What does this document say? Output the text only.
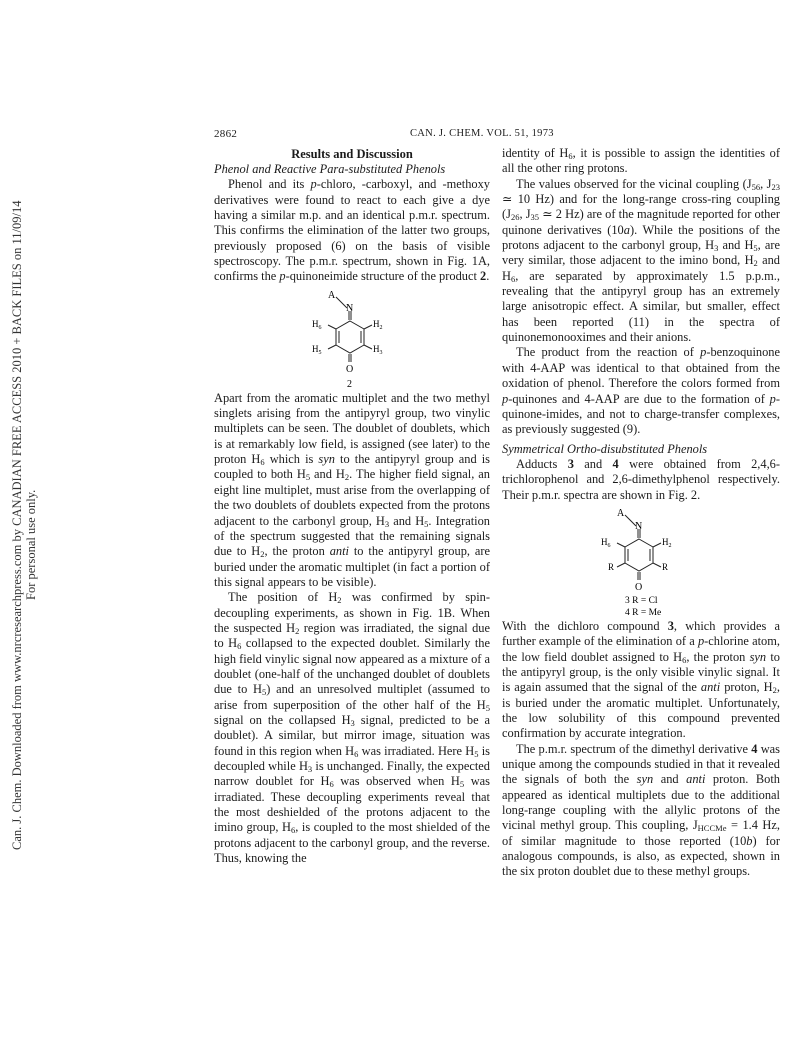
Can. J. Chem. Downloaded from www.nrcresearchpress.com by CANADIAN FREE ACCESS 2010 + BACK FILES on 11/09/14 For personal use only.
2862	CAN. J. CHEM. VOL. 51, 1973
Results and Discussion
Phenol and Reactive Para-substituted Phenols

Phenol and its p-chloro, -carboxyl, and -methoxy derivatives were found to react to each give a dye having a similar m.p. and an identical p.m.r. spectrum. This confirms the elimination of the latter two groups, previously proposed (6) on the basis of visible spectroscopy. The p.m.r. spectrum, shown in Fig. 1A, confirms the p-quinoneimide structure of the product 2.

A
N
$H_6$	$H_2$
$H_5$	$H_3$
O
2

Apart from the aromatic multiplet and the two methyl singlets arising from the antipyryl group, two vinylic multiplets can be seen. The doublet of doublets, which is at remarkably low field, is assigned (see later) to the proton $H_6$ which is syn to the antipyryl group and is coupled to both $H_5$ and $H_2$. The higher field signal, an eight line multiplet, must arise from the overlapping of the two doublets of doublets expected from the protons adjacent to the carbonyl group, $H_3$ and $H_5$. Integration of the spectrum suggested that the remaining signals due to $H_2$, the proton anti to the antipyryl group, are buried under the aromatic multiplet (in fact a portion of this signal appears to be visible).

The position of $H_2$ was confirmed by spin-decoupling experiments, as shown in Fig. 1B. When the suspected $H_2$ region was irradiated, the signal due to $H_6$ collapsed to the expected doublet. Similarly the high field vinylic signal now appeared as a mixture of a doublet (one-half of the unchanged doublet of doublets due to $H_5$) and an unresolved multiplet (assumed to arise from superposition of the other half of the $H_5$ signal on the collapsed $H_3$ signal, predicted to be a doublet). A similar, but mirror image, situation was found in this region when $H_6$ was irradiated. Here $H_5$ is decoupled while $H_3$ is unchanged. Finally, the expected narrow doublet for $H_6$ was observed when $H_5$ was irradiated. These decoupling experiments reveal that the most deshielded of the protons adjacent to the imino group, $H_6$, is coupled to the most shielded of the protons adjacent to the carbonyl group, and the reverse. Thus, knowing the

identity of $H_6$, it is possible to assign the identities of all the other ring protons.

The values observed for the vicinal coupling ($J_{56}$, $J_{23}$ ≃ 10 Hz) and for the long-range cross-ring coupling ($J_{26}$, $J_{35}$ ≃ 2 Hz) are of the magnitude reported for other quinone derivatives (10a). While the positions of the protons adjacent to the carbonyl group, $H_3$ and $H_5$, are very similar, those adjacent to the imino bond, $H_2$ and $H_6$, are separated by approximately 1.5 p.p.m., revealing that the antipyryl group has an extremely large anisotropic effect. A similar, but smaller, effect has been reported (11) in the spectra of quinonemonooximes and their anions.

The product from the reaction of p-benzoquinone with 4-AAP was identical to that obtained from the oxidation of phenol. Therefore the colors formed from p-quinones and 4-AAP are due to the formation of p-quinone-imides, and not to charge-transfer complexes, as previously suggested (9).

Symmetrical Ortho-disubstituted Phenols

Adducts 3 and 4 were obtained from 2,4,6-trichlorophenol and 2,6-dimethylphenol respectively. Their p.m.r. spectra are shown in Fig. 2.

A
N
$H_6$	$H_2$
R	R
O
3 R = Cl
4 R = Me

With the dichloro compound 3, which provides a further example of the elimination of a p-chlorine atom, the low field doublet assigned to $H_6$, the proton syn to the antipyryl group, is the only visible vinylic signal. It is again assumed that the signal of the anti proton, $H_2$, is buried under the aromatic multiplet. Unfortunately, the low solubility of this compound prevented confirmation by accurate integration.

The p.m.r. spectrum of the dimethyl derivative 4 was unique among the compounds studied in that it revealed the signals of both the syn and anti proton. Both appeared as identical multiplets due to the additional long-range coupling with the allylic protons of the vicinal methyl group. This coupling, $J_{HCCMe} = 1.4$ Hz, of similar magnitude to those reported (10b) for analogous compounds, is also, as expected, shown in the six proton doublet due to these methyl groups.
